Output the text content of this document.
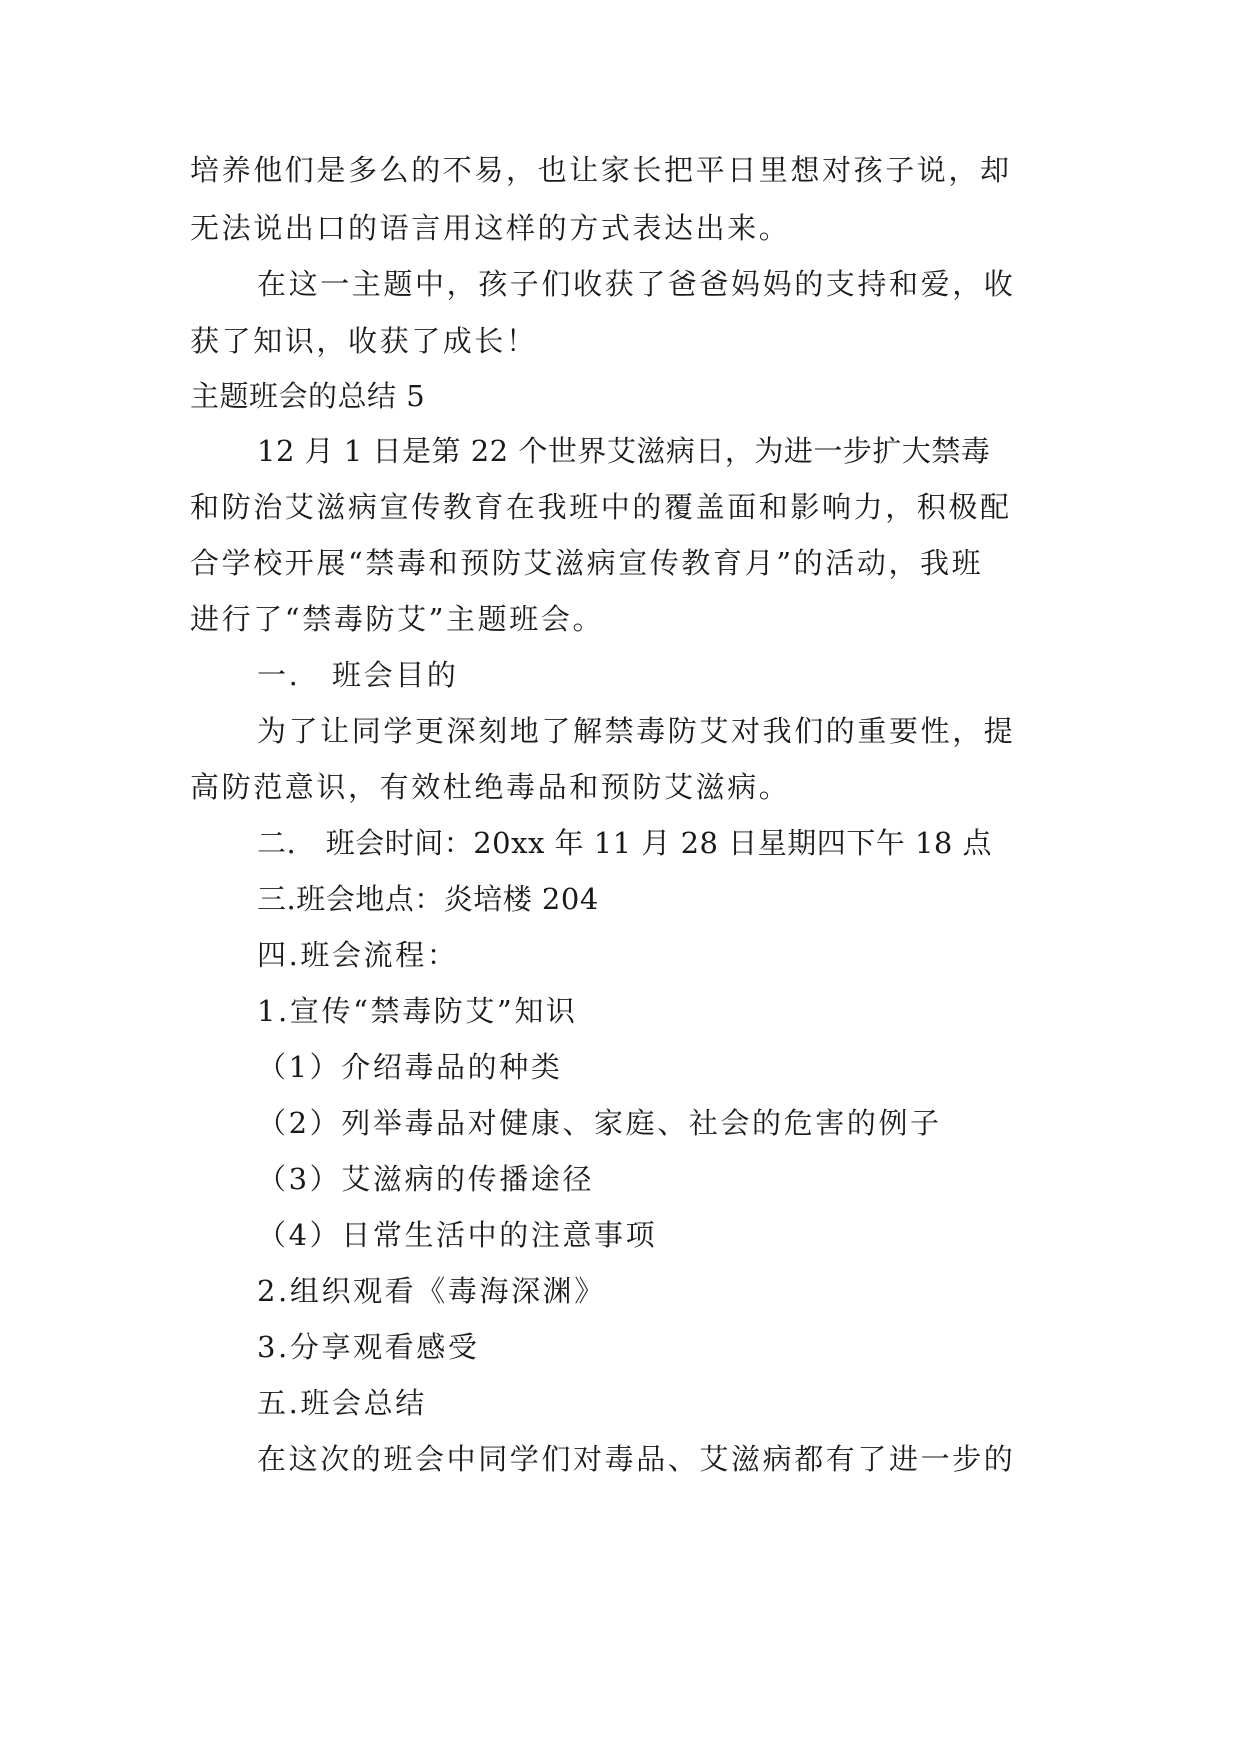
培养他们是多么的不易，也让家长把平日里想对孩子说，却
无法说出口的语言用这样的方式表达出来。
在这一主题中，孩子们收获了爸爸妈妈的支持和爱，收
获了知识，收获了成长！
主题班会的总结 5
12 月 1 日是第 22 个世界艾滋病日，为进一步扩大禁毒
和防治艾滋病宣传教育在我班中的覆盖面和影响力，积极配
合学校开展“禁毒和预防艾滋病宣传教育月”的活动，我班
进行了“禁毒防艾”主题班会。
一.　班会目的
为了让同学更深刻地了解禁毒防艾对我们的重要性，提
高防范意识，有效杜绝毒品和预防艾滋病。
二.　班会时间：20xx 年 11 月 28 日星期四下午 18 点
三.班会地点：炎培楼 204
四.班会流程：
1.宣传“禁毒防艾”知识
（1）介绍毒品的种类
（2）列举毒品对健康、家庭、社会的危害的例子
（3）艾滋病的传播途径
（4）日常生活中的注意事项
2.组织观看《毒海深渊》
3.分享观看感受
五.班会总结
在这次的班会中同学们对毒品、艾滋病都有了进一步的
